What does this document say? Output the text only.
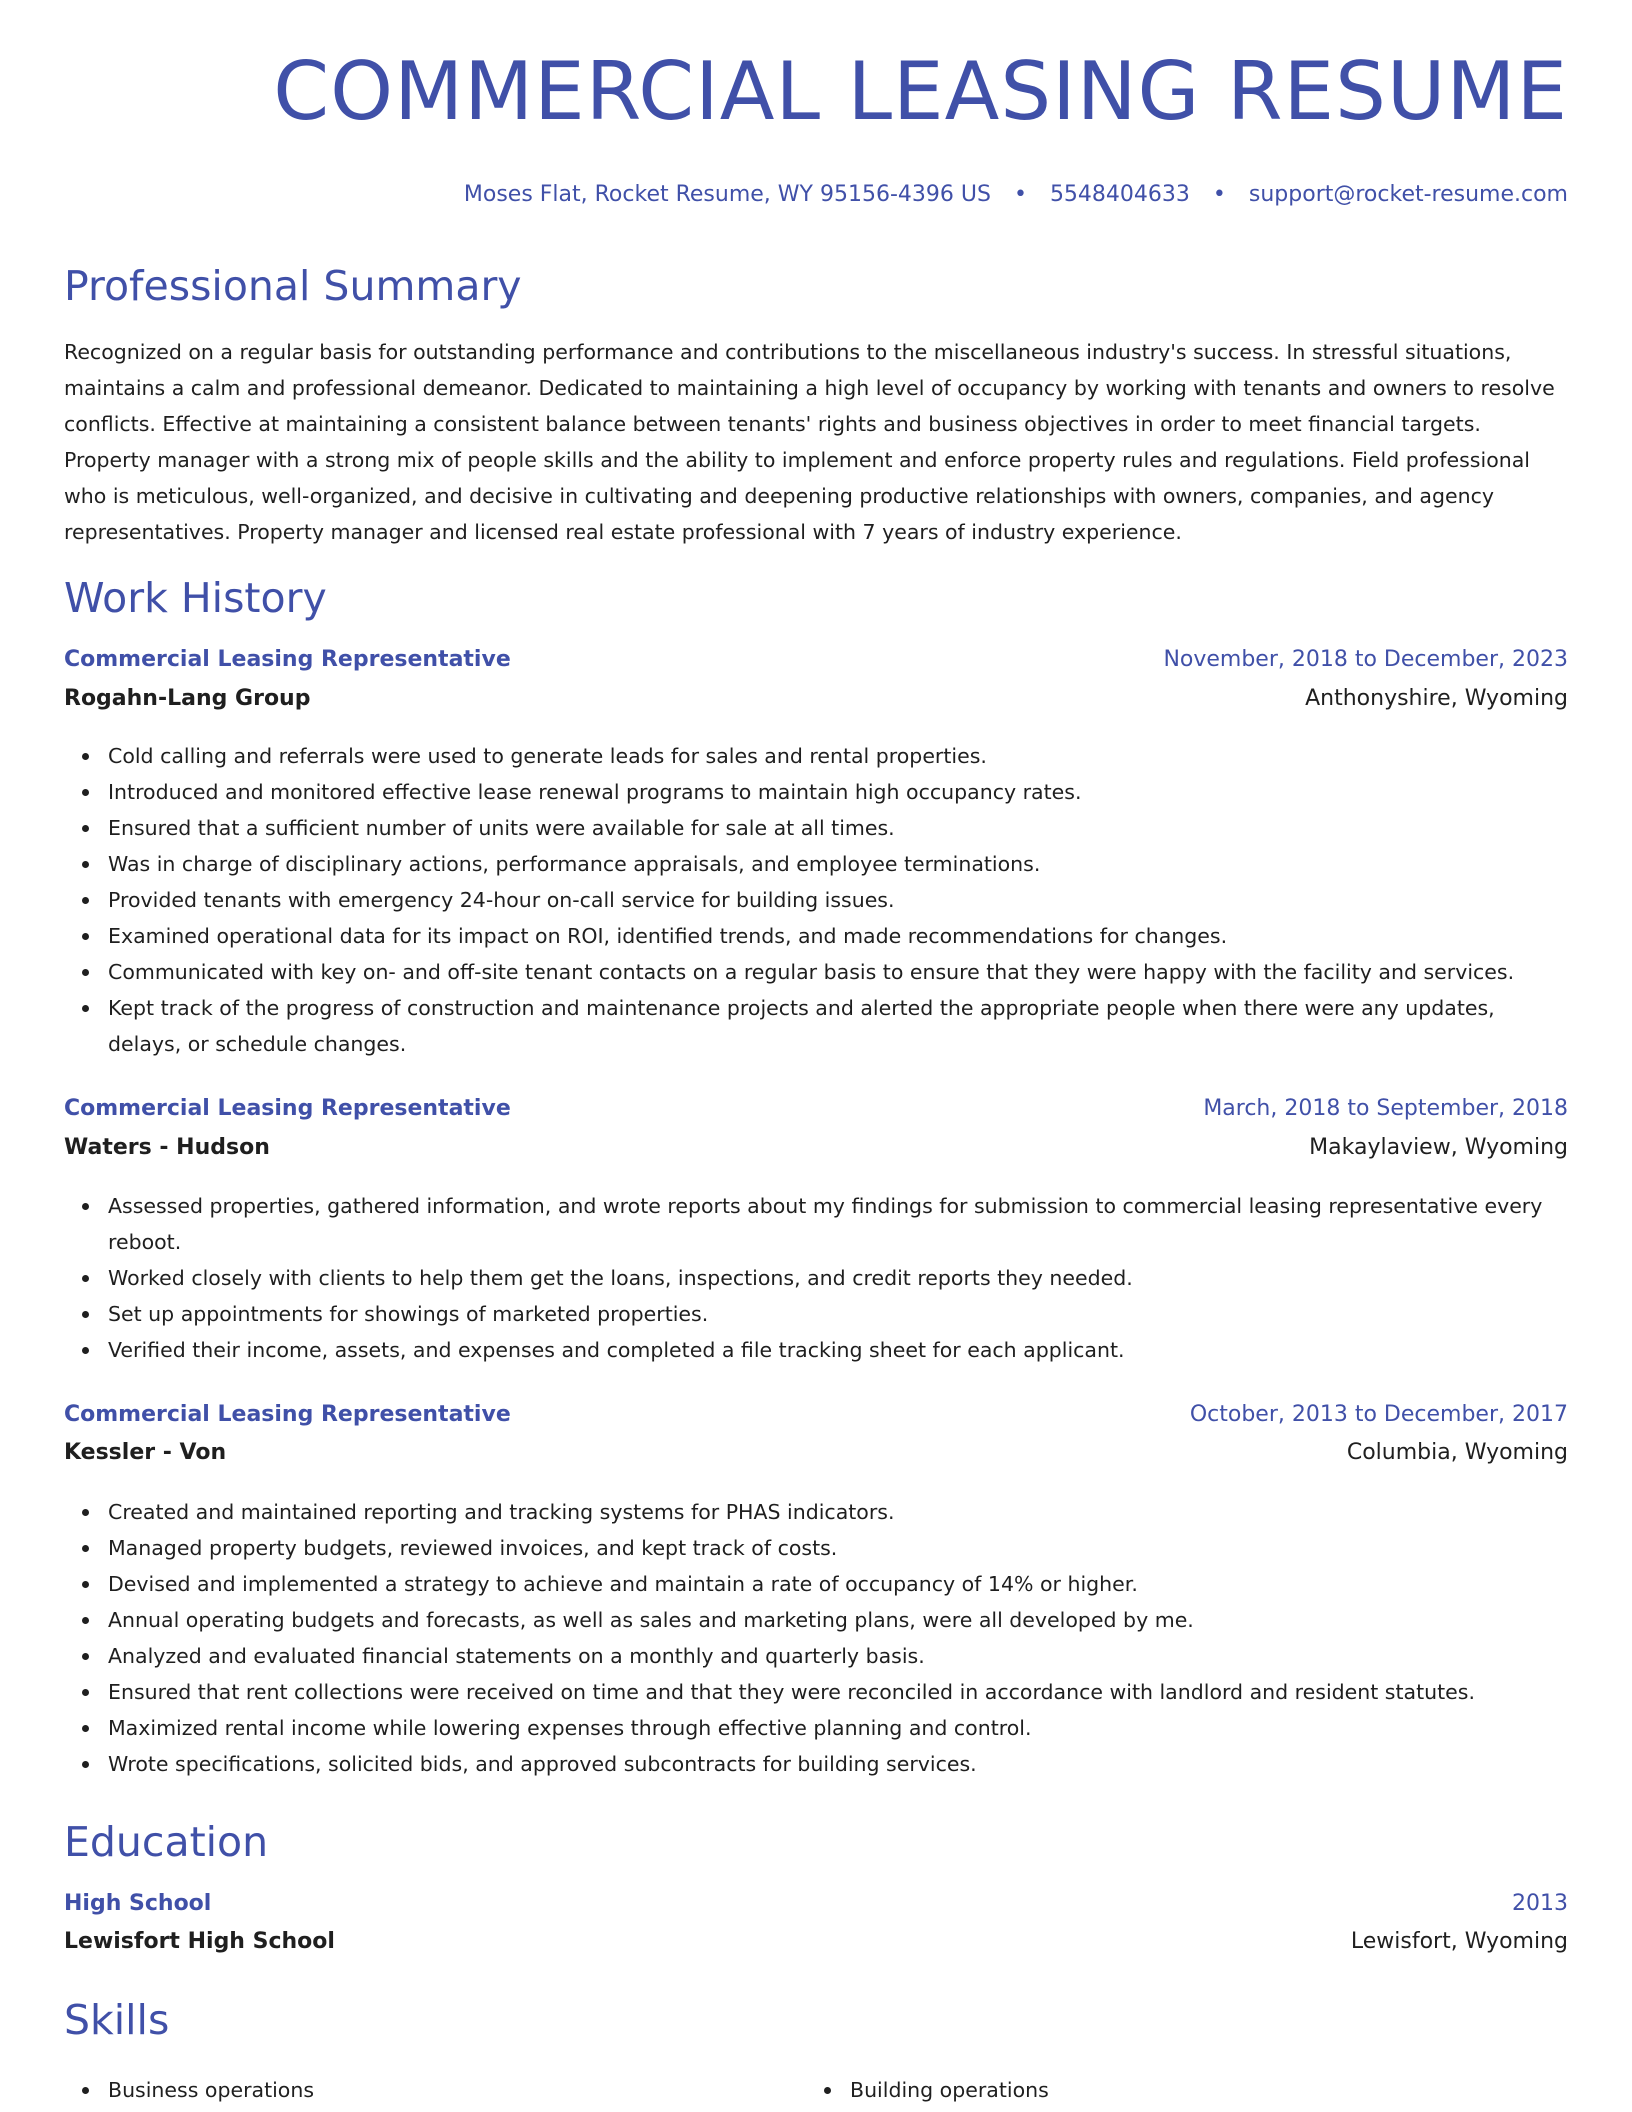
COMMERCIAL LEASING RESUME
Moses Flat, Rocket Resume, WY 95156-4396 US • 5548404633 • support@rocket-resume.com
Professional Summary

Recognized on a regular basis for outstanding performance and contributions to the miscellaneous industry's success. In stressful situations, maintains a calm and professional demeanor. Dedicated to maintaining a high level of occupancy by working with tenants and owners to resolve conflicts. Effective at maintaining a consistent balance between tenants' rights and business objectives in order to meet financial targets. Property manager with a strong mix of people skills and the ability to implement and enforce property rules and regulations. Field professional who is meticulous, well-organized, and decisive in cultivating and deepening productive relationships with owners, companies, and agency representatives. Property manager and licensed real estate professional with 7 years of industry experience.

Work History
Commercial Leasing Representative	November, 2018 to December, 2023
Rogahn-Lang Group	Anthonyshire, Wyoming
Cold calling and referrals were used to generate leads for sales and rental properties.
Introduced and monitored effective lease renewal programs to maintain high occupancy rates.
Ensured that a sufficient number of units were available for sale at all times.
Was in charge of disciplinary actions, performance appraisals, and employee terminations.
Provided tenants with emergency 24-hour on-call service for building issues.
Examined operational data for its impact on ROI, identified trends, and made recommendations for changes.
Communicated with key on- and off-site tenant contacts on a regular basis to ensure that they were happy with the facility and services.
Kept track of the progress of construction and maintenance projects and alerted the appropriate people when there were any updates, delays, or schedule changes.
Commercial Leasing Representative	March, 2018 to September, 2018
Waters - Hudson	Makaylaview, Wyoming
Assessed properties, gathered information, and wrote reports about my findings for submission to commercial leasing representative every reboot.
Worked closely with clients to help them get the loans, inspections, and credit reports they needed.
Set up appointments for showings of marketed properties.
Verified their income, assets, and expenses and completed a file tracking sheet for each applicant.
Commercial Leasing Representative	October, 2013 to December, 2017
Kessler - Von	Columbia, Wyoming
Created and maintained reporting and tracking systems for PHAS indicators.
Managed property budgets, reviewed invoices, and kept track of costs.
Devised and implemented a strategy to achieve and maintain a rate of occupancy of 14% or higher.
Annual operating budgets and forecasts, as well as sales and marketing plans, were all developed by me.
Analyzed and evaluated financial statements on a monthly and quarterly basis.
Ensured that rent collections were received on time and that they were reconciled in accordance with landlord and resident statutes.
Maximized rental income while lowering expenses through effective planning and control.
Wrote specifications, solicited bids, and approved subcontracts for building services.
Education
High School	2013
Lewisfort High School	Lewisfort, Wyoming
Skills
Business operations	Building operations
